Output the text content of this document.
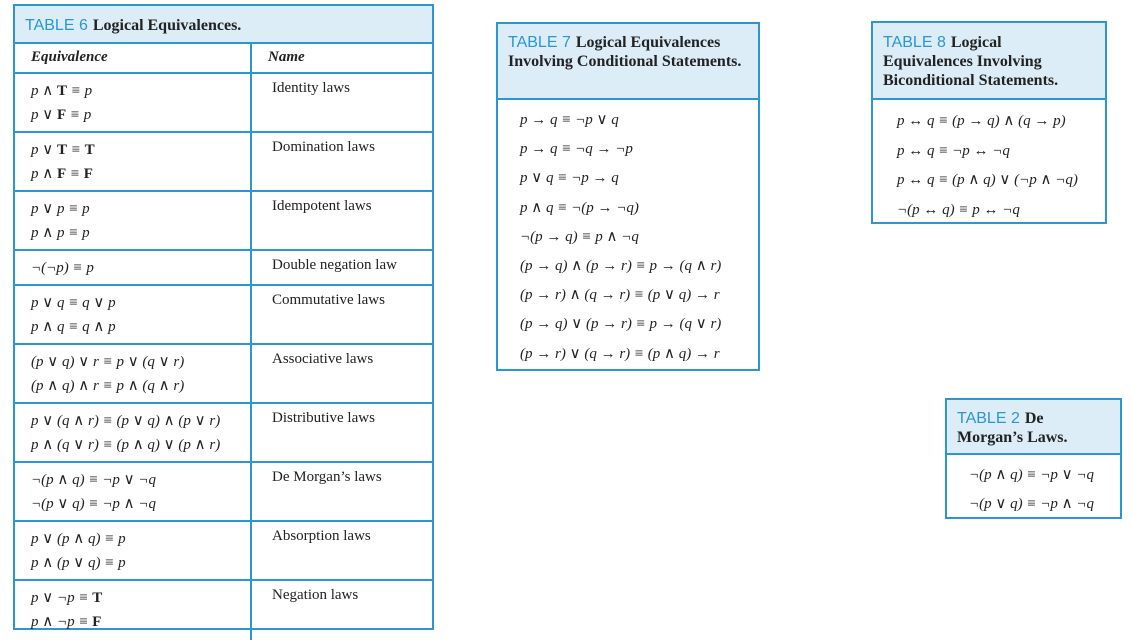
TABLE 6 Logical Equivalences.
Equivalence	Name
p ∧ T ≡ p
p ∨ F ≡ p
Identity laws
p ∨ T ≡ T
p ∧ F ≡ F
Domination laws
p ∨ p ≡ p
p ∧ p ≡ p
Idempotent laws
¬(¬p) ≡ p	Double negation law
p ∨ q ≡ q ∨ p
p ∧ q ≡ q ∧ p
Commutative laws
(p ∨ q) ∨ r ≡ p ∨ (q ∨ r)
(p ∧ q) ∧ r ≡ p ∧ (q ∧ r)
Associative laws
p ∨ (q ∧ r) ≡ (p ∨ q) ∧ (p ∨ r)
p ∧ (q ∨ r) ≡ (p ∧ q) ∨ (p ∧ r)
Distributive laws
¬(p ∧ q) ≡ ¬p ∨ ¬q
¬(p ∨ q) ≡ ¬p ∧ ¬q
De Morgan’s laws
p ∨ (p ∧ q) ≡ p
p ∧ (p ∨ q) ≡ p
Absorption laws
p ∨ ¬p ≡ T
p ∧ ¬p ≡ F
Negation laws
TABLE 7 Logical Equivalences Involving Conditional Statements.
p → q ≡ ¬p ∨ q
p → q ≡ ¬q → ¬p
p ∨ q ≡ ¬p → q
p ∧ q ≡ ¬(p → ¬q)
¬(p → q) ≡ p ∧ ¬q
(p → q) ∧ (p → r) ≡ p → (q ∧ r)
(p → r) ∧ (q → r) ≡ (p ∨ q) → r
(p → q) ∨ (p → r) ≡ p → (q ∨ r)
(p → r) ∨ (q → r) ≡ (p ∧ q) → r
TABLE 8 Logical Equivalences Involving Biconditional Statements.
p ↔ q ≡ (p → q) ∧ (q → p)
p ↔ q ≡ ¬p ↔ ¬q
p ↔ q ≡ (p ∧ q) ∨ (¬p ∧ ¬q)
¬(p ↔ q) ≡ p ↔ ¬q
TABLE 2 De Morgan’s Laws.
¬(p ∧ q) ≡ ¬p ∨ ¬q
¬(p ∨ q) ≡ ¬p ∧ ¬q
